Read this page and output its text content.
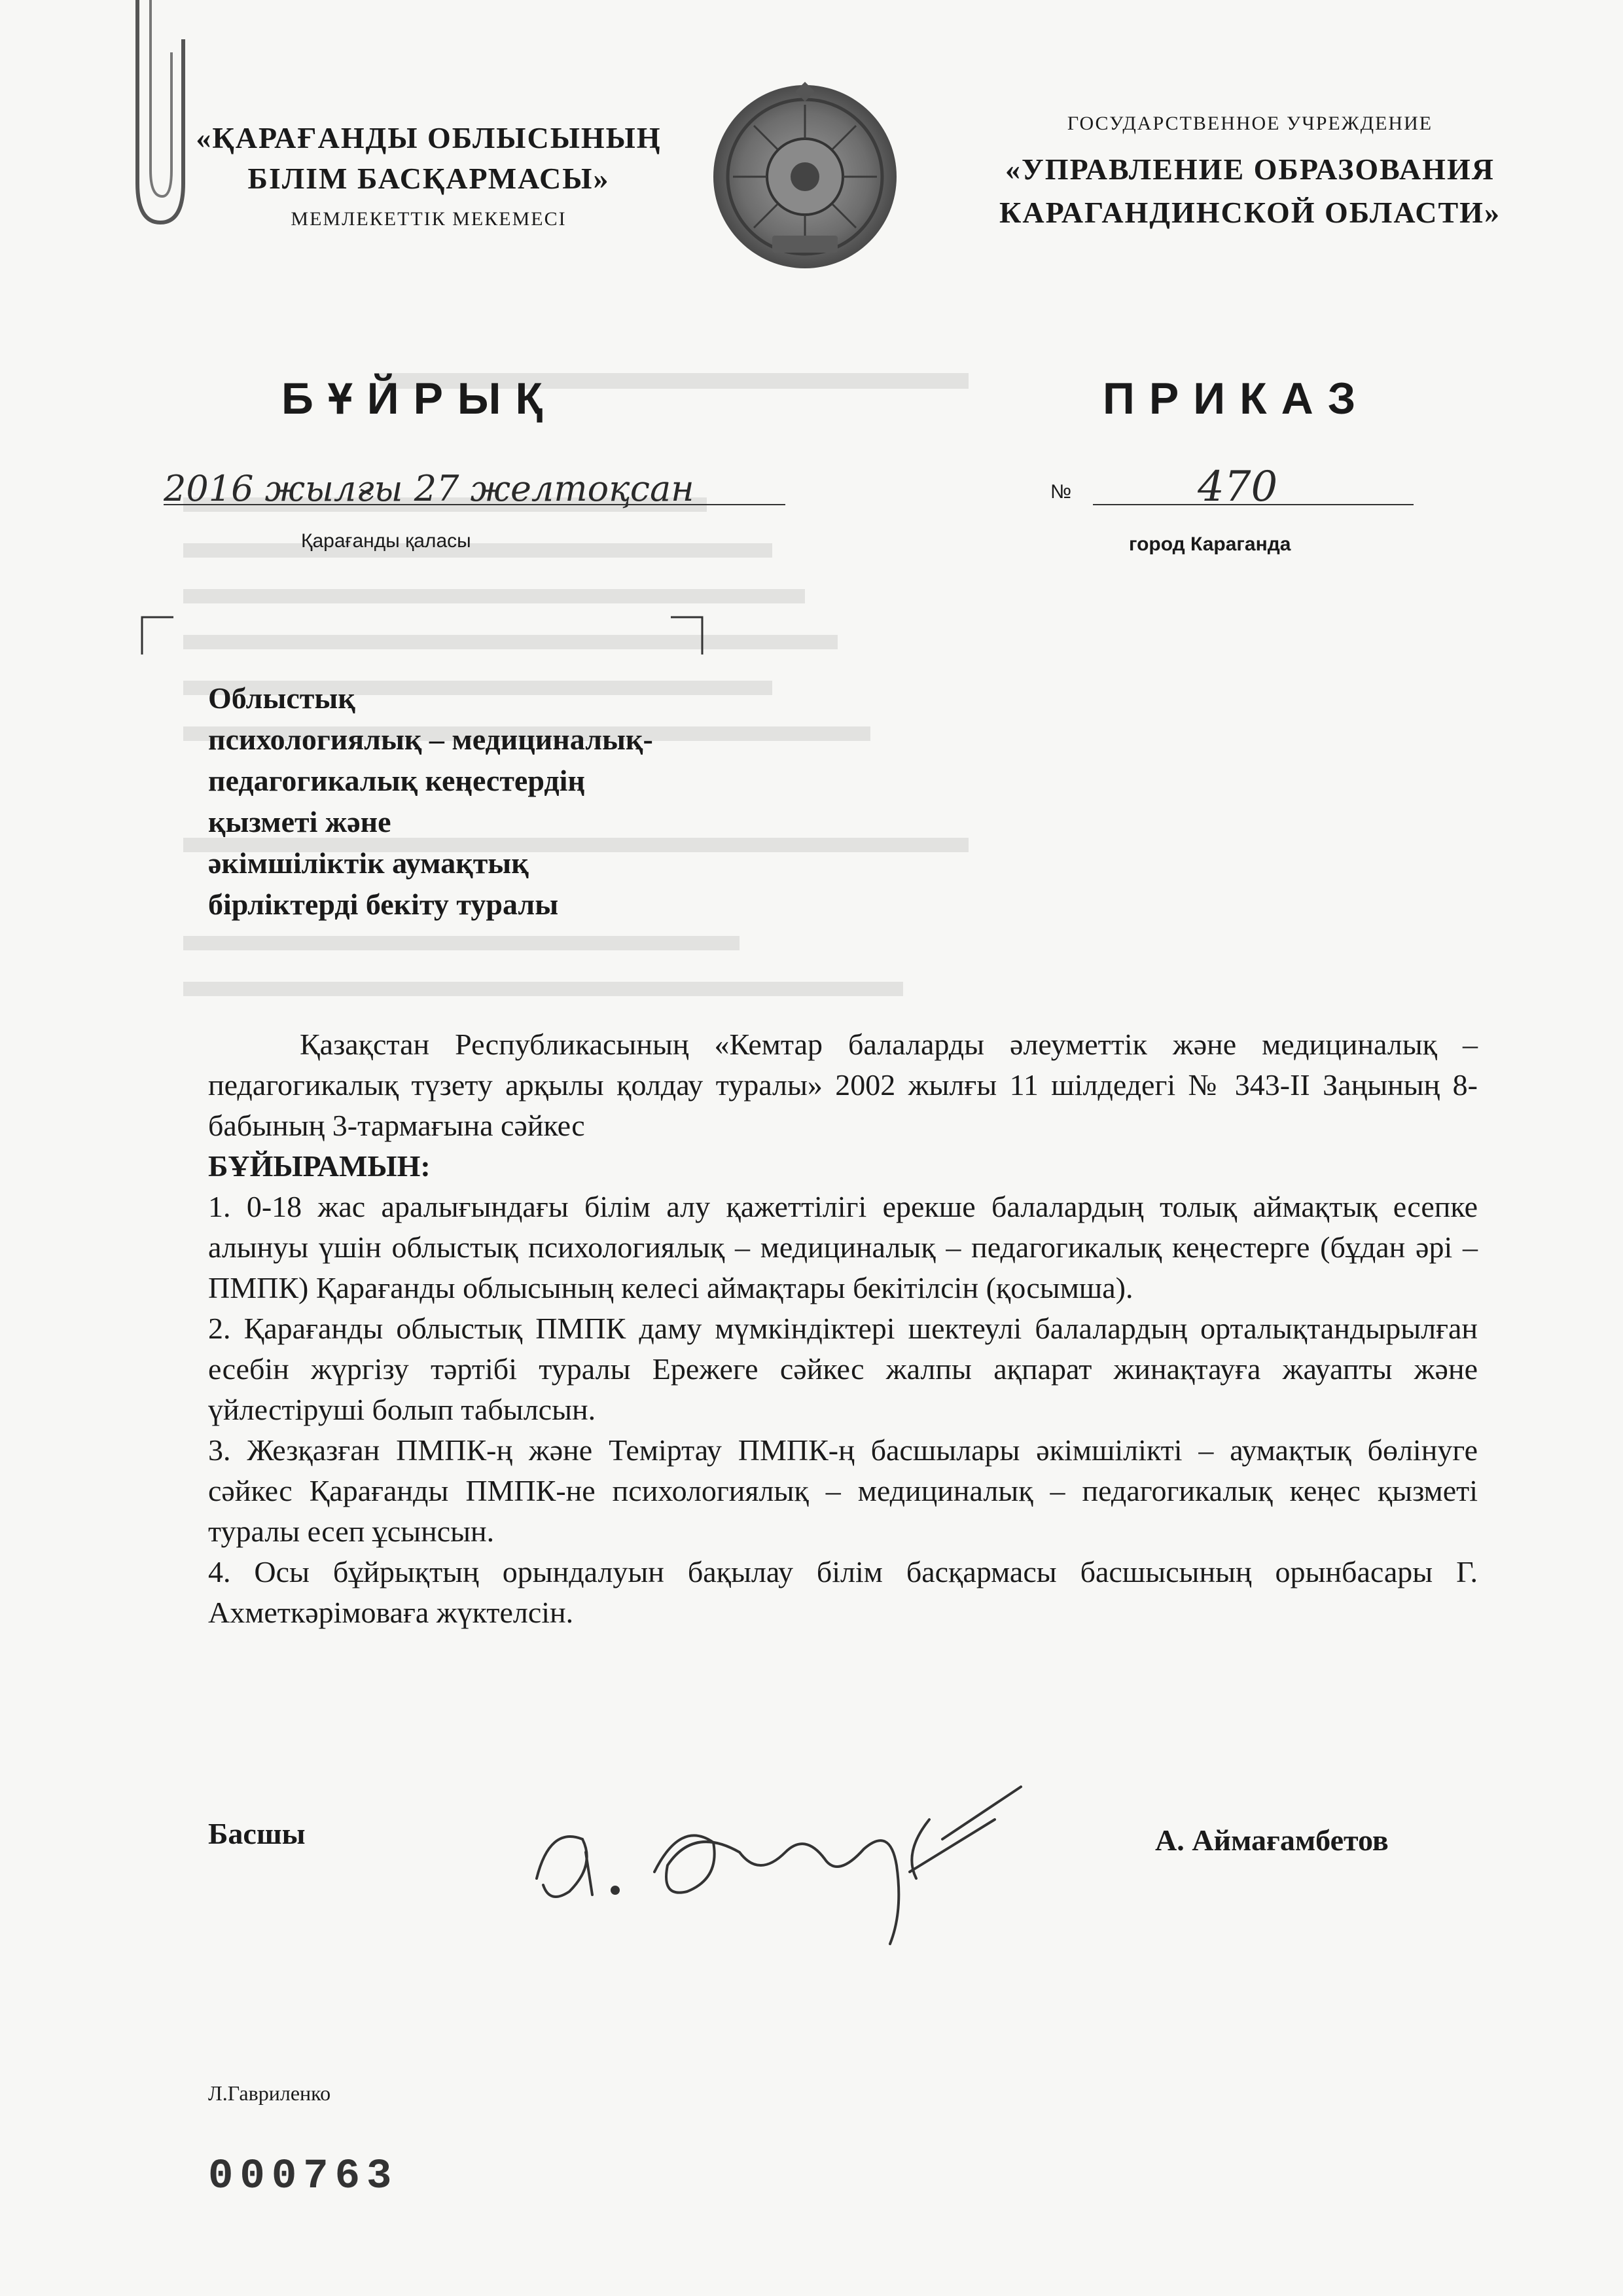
«ҚАРАҒАНДЫ ОБЛЫСЫНЫҢ
БІЛІМ БАСҚАРМАСЫ»
МЕМЛЕКЕТТІК МЕКЕМЕСІ
ГОСУДАРСТВЕННОЕ УЧРЕЖДЕНИЕ
«УПРАВЛЕНИЕ ОБРАЗОВАНИЯ
КАРАГАНДИНСКОЙ ОБЛАСТИ»
БҰЙРЫҚ	ПРИКАЗ
2016 жылғы 27 желтоқсан
Қарағанды қаласы
№	470
город Караганда
Облыстық
психологиялық – медициналық-
педагогикалық кеңестердің
қызметі және
әкімшіліктік аумақтық
бірліктерді бекіту туралы

Қазақстан Республикасының «Кемтар балаларды әлеуметтік және медициналық – педагогикалық түзету арқылы қолдау туралы» 2002 жылғы 11 шілдедегі № 343-ІІ Заңының 8-бабының 3-тармағына сәйкес

БҰЙЫРАМЫН:

1. 0-18 жас аралығындағы білім алу қажеттілігі ерекше балалардың толық аймақтық есепке алынуы үшін облыстық психологиялық – медициналық – педагогикалық кеңестерге (бұдан әрі – ПМПК) Қарағанды облысының келесі аймақтары бекітілсін (қосымша).

2. Қарағанды облыстық ПМПК даму мүмкіндіктері шектеулі балалардың орталықтандырылған есебін жүргізу тәртібі туралы Ережеге сәйкес жалпы ақпарат жинақтауға жауапты және үйлестіруші болып табылсын.

3. Жезқазған ПМПК-ң және Теміртау ПМПК-ң басшылары әкімшілікті – аумақтық бөлінуге сәйкес Қарағанды ПМПК-не психологиялық – медициналық – педагогикалық кеңес қызметі туралы есеп ұсынсын.

4. Осы бұйрықтың орындалуын бақылау білім басқармасы басшысының орынбасары Г. Ахметкәрімоваға жүктелсін.

Басшы	А. Аймағамбетов
Л.Гавриленко
000763
